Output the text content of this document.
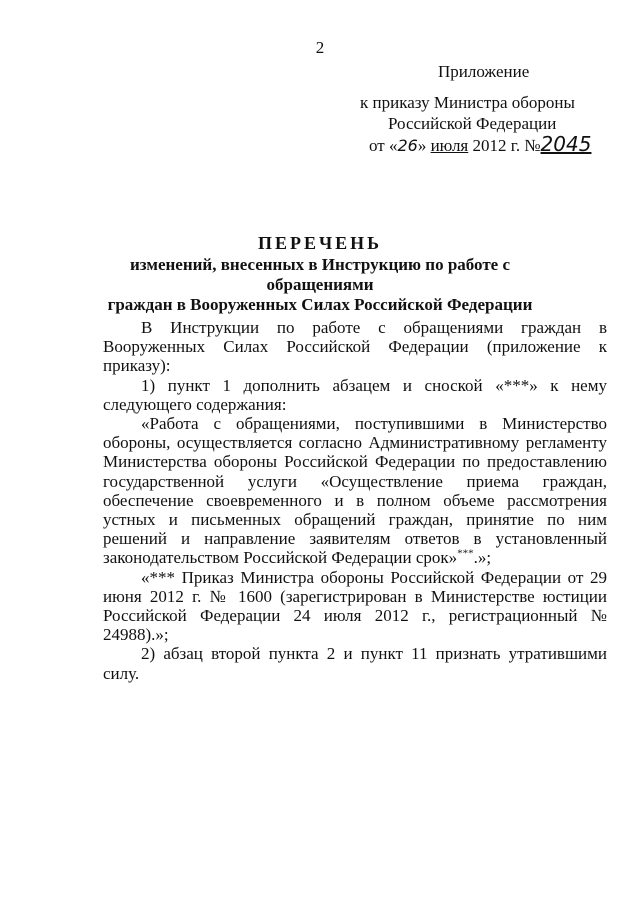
2
Приложение
к приказу Министра обороны
Российской Федерации
от «26» июля 2012 г. №2045
ПЕРЕЧЕНЬ
изменений, внесенных в Инструкцию по работе с обращениями
граждан в Вооруженных Силах Российской Федерации

В Инструкции по работе с обращениями граждан в Вооруженных Силах Российской Федерации (приложение к приказу):

1) пункт 1 дополнить абзацем и сноской «***» к нему следующего содержания:

«Работа с обращениями, поступившими в Министерство обороны, осуществляется согласно Административному регламенту Министерства обороны Российской Федерации по предоставлению государственной услуги «Осуществление приема граждан, обеспечение своевременного и в полном объеме рассмотрения устных и письменных обращений граждан, принятие по ним решений и направление заявителям ответов в установленный законодательством Российской Федерации срок»***.»;

«*** Приказ Министра обороны Российской Федерации от 29 июня 2012 г. № 1600 (зарегистрирован в Министерстве юстиции Российской Федерации 24 июля 2012 г., регистрационный № 24988).»;

2) абзац второй пункта 2 и пункт 11 признать утратившими силу.
